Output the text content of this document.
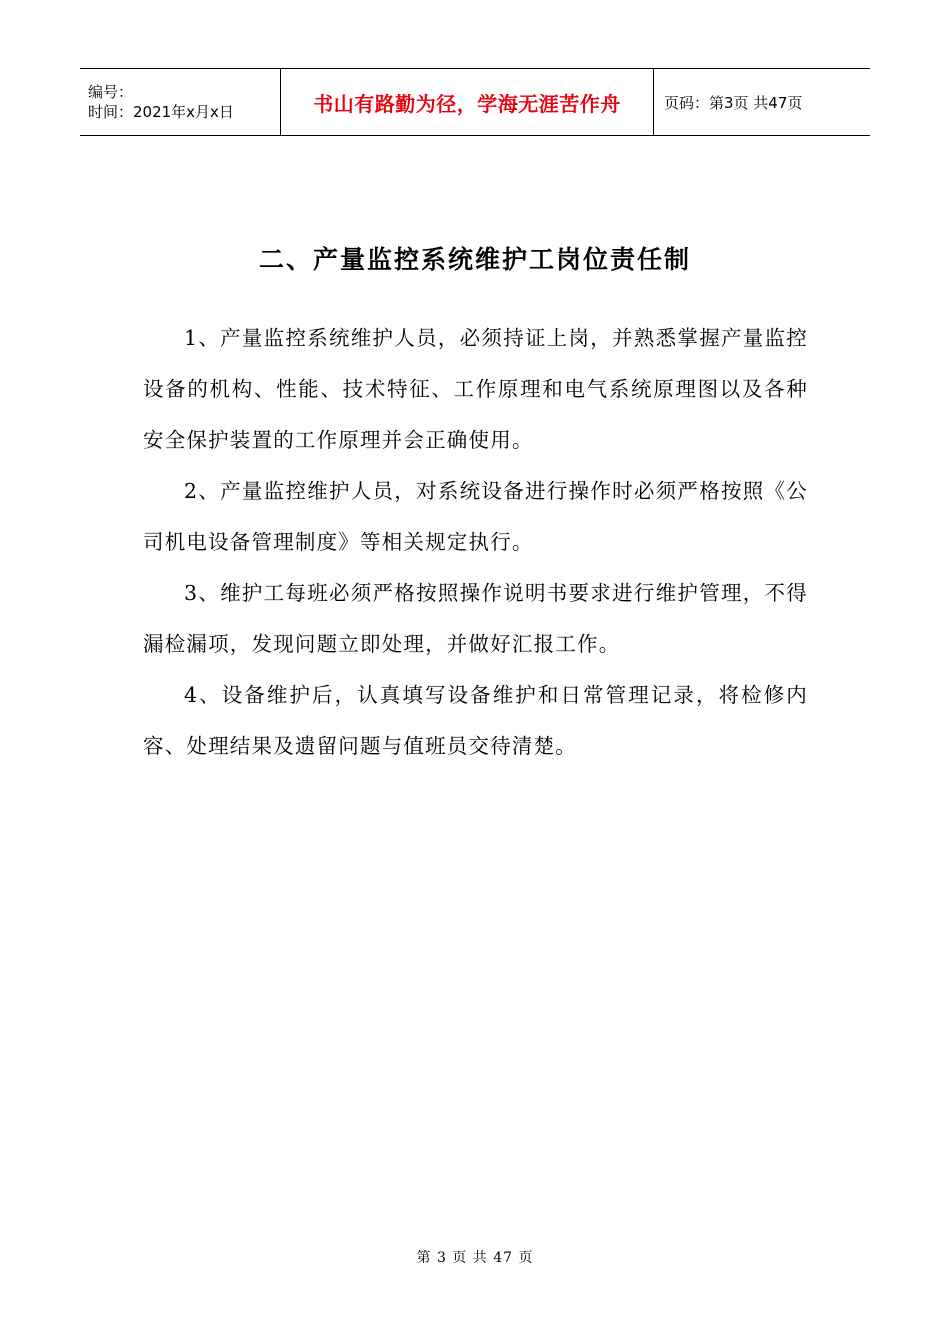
编号：
时间：2021年x月x日	书山有路勤为径，学海无涯苦作舟	页码：第3页 共47页
二、产量监控系统维护工岗位责任制

1、产量监控系统维护人员，必须持证上岗，并熟悉掌握产量监控设备的机构、性能、技术特征、工作原理和电气系统原理图以及各种安全保护装置的工作原理并会正确使用。

2、产量监控维护人员，对系统设备进行操作时必须严格按照《公司机电设备管理制度》等相关规定执行。

3、维护工每班必须严格按照操作说明书要求进行维护管理，不得漏检漏项，发现问题立即处理，并做好汇报工作。

4、设备维护后，认真填写设备维护和日常管理记录，将检修内容、处理结果及遗留问题与值班员交待清楚。

第 3 页 共 47 页
